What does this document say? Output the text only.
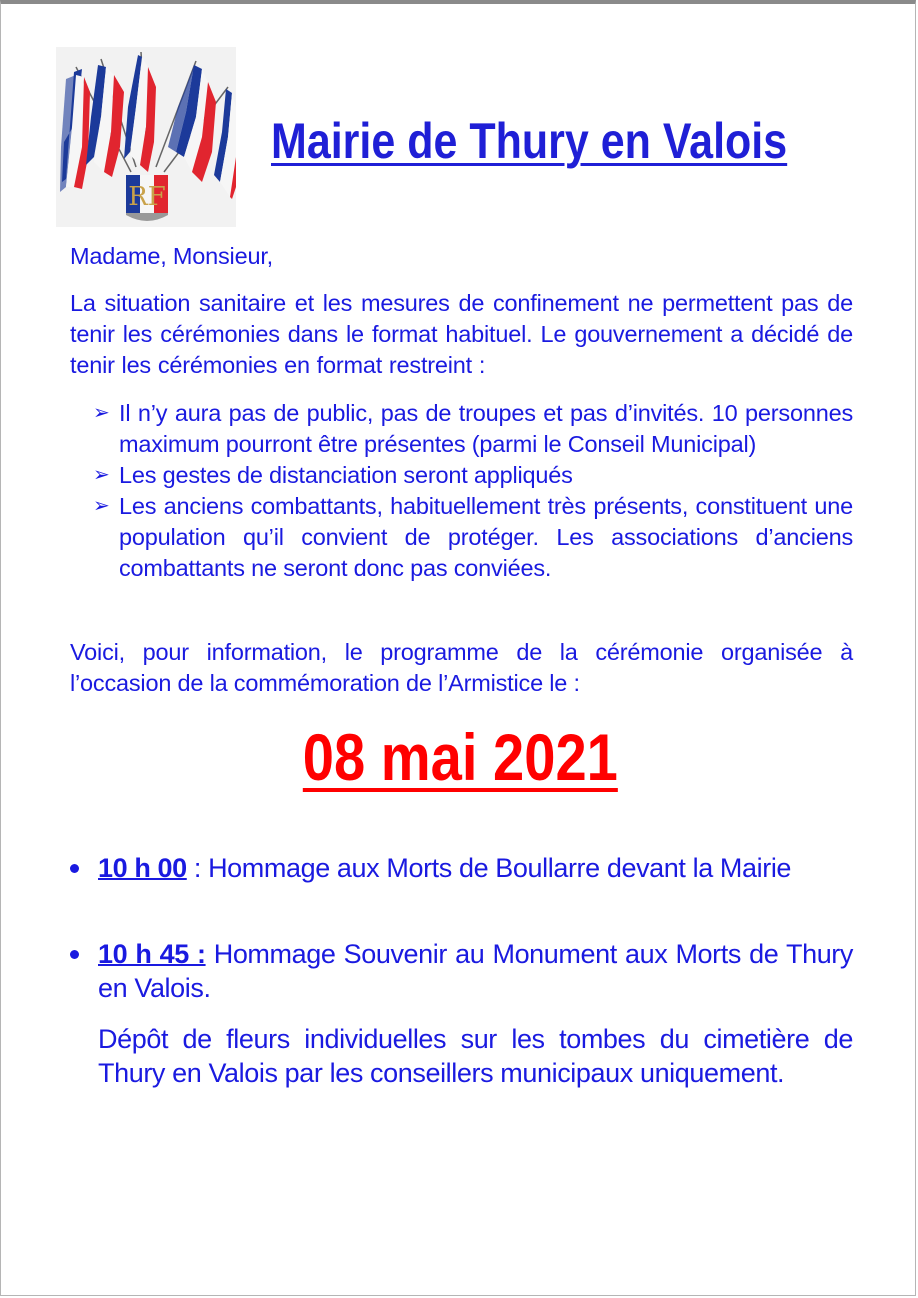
RF
Mairie de Thury en Valois
Madame, Monsieur,
La situation sanitaire et les mesures de confinement ne permettent pas de tenir les cérémonies dans le format habituel. Le gouvernement a décidé de tenir les cérémonies en format restreint :
➢ Il n’y aura pas de public, pas de troupes et pas d’invités. 10 personnes maximum pourront être présentes (parmi le Conseil Municipal)
➢ Les gestes de distanciation seront appliqués
➢ Les anciens combattants, habituellement très présents, constituent une population qu’il convient de protéger. Les associations d’anciens combattants ne seront donc pas conviées.
Voici, pour information, le programme de la cérémonie organisée à l’occasion de la commémoration de l’Armistice le :
08 mai 2021
10 h 00 : Hommage aux Morts de Boullarre devant la Mairie
10 h 45 : Hommage Souvenir au Monument aux Morts de Thury en Valois.
Dépôt de fleurs individuelles sur les tombes du cimetière de Thury en Valois par les conseillers municipaux uniquement.
